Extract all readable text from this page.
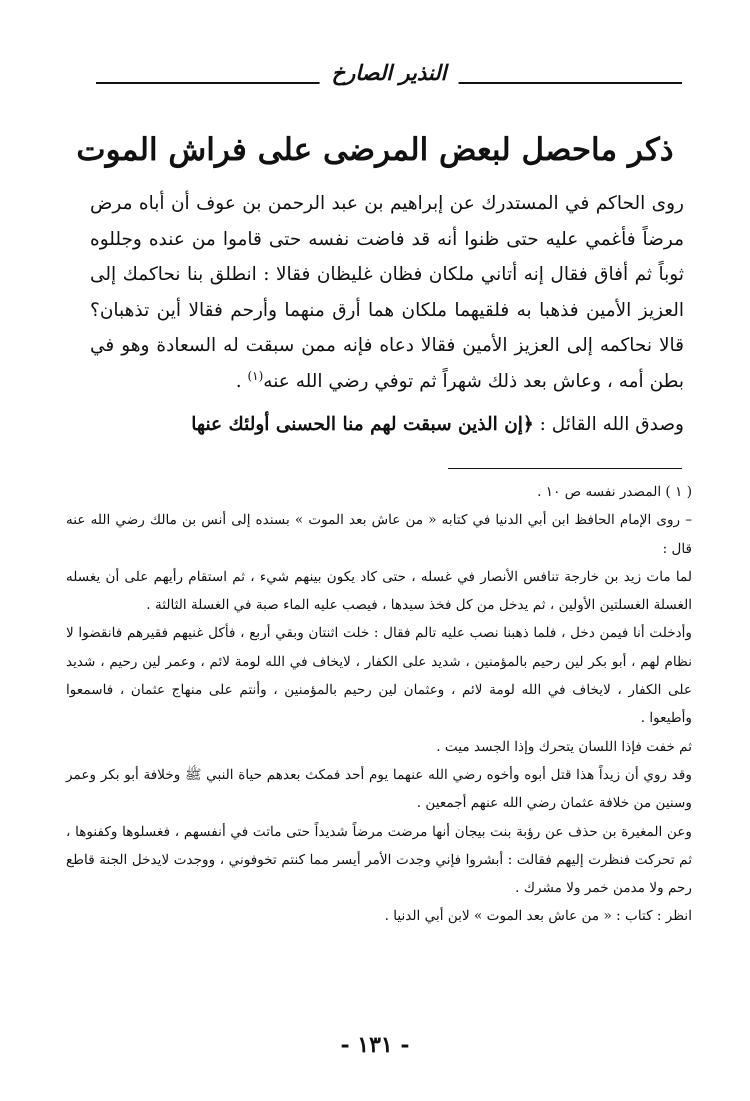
النذير الصارخ
ذكر ماحصل لبعض المرضى على فراش الموت

روى الحاكم في المستدرك عن إبراهيم بن عبد الرحمن بن عوف أن أباه مرض مرضاً فأغمي عليه حتى ظنوا أنه قد فاضت نفسه حتى قاموا من عنده وجللوه ثوباً ثم أفاق فقال إنه أتاني ملكان فظان غليظان فقالا : انطلق بنا نحاكمك إلى العزيز الأمين فذهبا به فلقيهما ملكان هما أرق منهما وأرحم فقالا أين تذهبان؟ قالا نحاكمه إلى العزيز الأمين فقالا دعاه فإنه ممن سبقت له السعادة وهو في بطن أمه ، وعاش بعد ذلك شهراً ثم توفي رضي الله عنه$^{(١)}$ .

وصدق الله القائل : ﴿إن الذين سبقت لهم منا الحسنى أولئك عنها

( ١ ) المصدر نفسه ص ١٠ .

– روى الإمام الحافظ ابن أبي الدنيا في كتابه « من عاش بعد الموت » بسنده إلى أنس بن مالك رضي الله عنه قال :

لما مات زيد بن خارجة تنافس الأنصار في غسله ، حتى كاد يكون بينهم شيء ، ثم استقام رأيهم على أن يغسله الغسلة الغسلتين الأولين ، ثم يدخل من كل فخذ سيدها ، فيصب عليه الماء صبة في الغسلة الثالثة .

وأدخلت أنا فيمن دخل ، فلما ذهبنا نصب عليه تالم فقال : خلت اثنتان وبقي أربع ، فأكل غنيهم فقيرهم فانقضوا لا نظام لهم ، أبو بكر لين رحيم بالمؤمنين ، شديد على الكفار ، لايخاف في الله لومة لائم ، وعمر لين رحيم ، شديد على الكفار ، لايخاف في الله لومة لائم ، وعثمان لين رحيم بالمؤمنين ، وأنتم على منهاج عثمان ، فاسمعوا وأطيعوا .

ثم خفت فإذا اللسان يتحرك وإذا الجسد ميت .

وقد روي أن زيداً هذا قتل أبوه وأخوه رضي الله عنهما يوم أحد فمكث بعدهم حياة النبي ﷺ وخلافة أبو بكر وعمر وسنين من خلافة عثمان رضي الله عنهم أجمعين .

وعن المغيرة بن حذف عن رؤبة بنت بيجان أنها مرضت مرضاً شديداً حتى ماتت في أنفسهم ، فغسلوها وكفنوها ، ثم تحركت فنظرت إليهم فقالت : أبشروا فإني وجدت الأمر أيسر مما كنتم تخوفوني ، ووجدت لايدخل الجنة قاطع رحم ولا مدمن خمر ولا مشرك .

انظر : كتاب : « من عاش بعد الموت » لابن أبي الدنيا .

- ١٣١ -
